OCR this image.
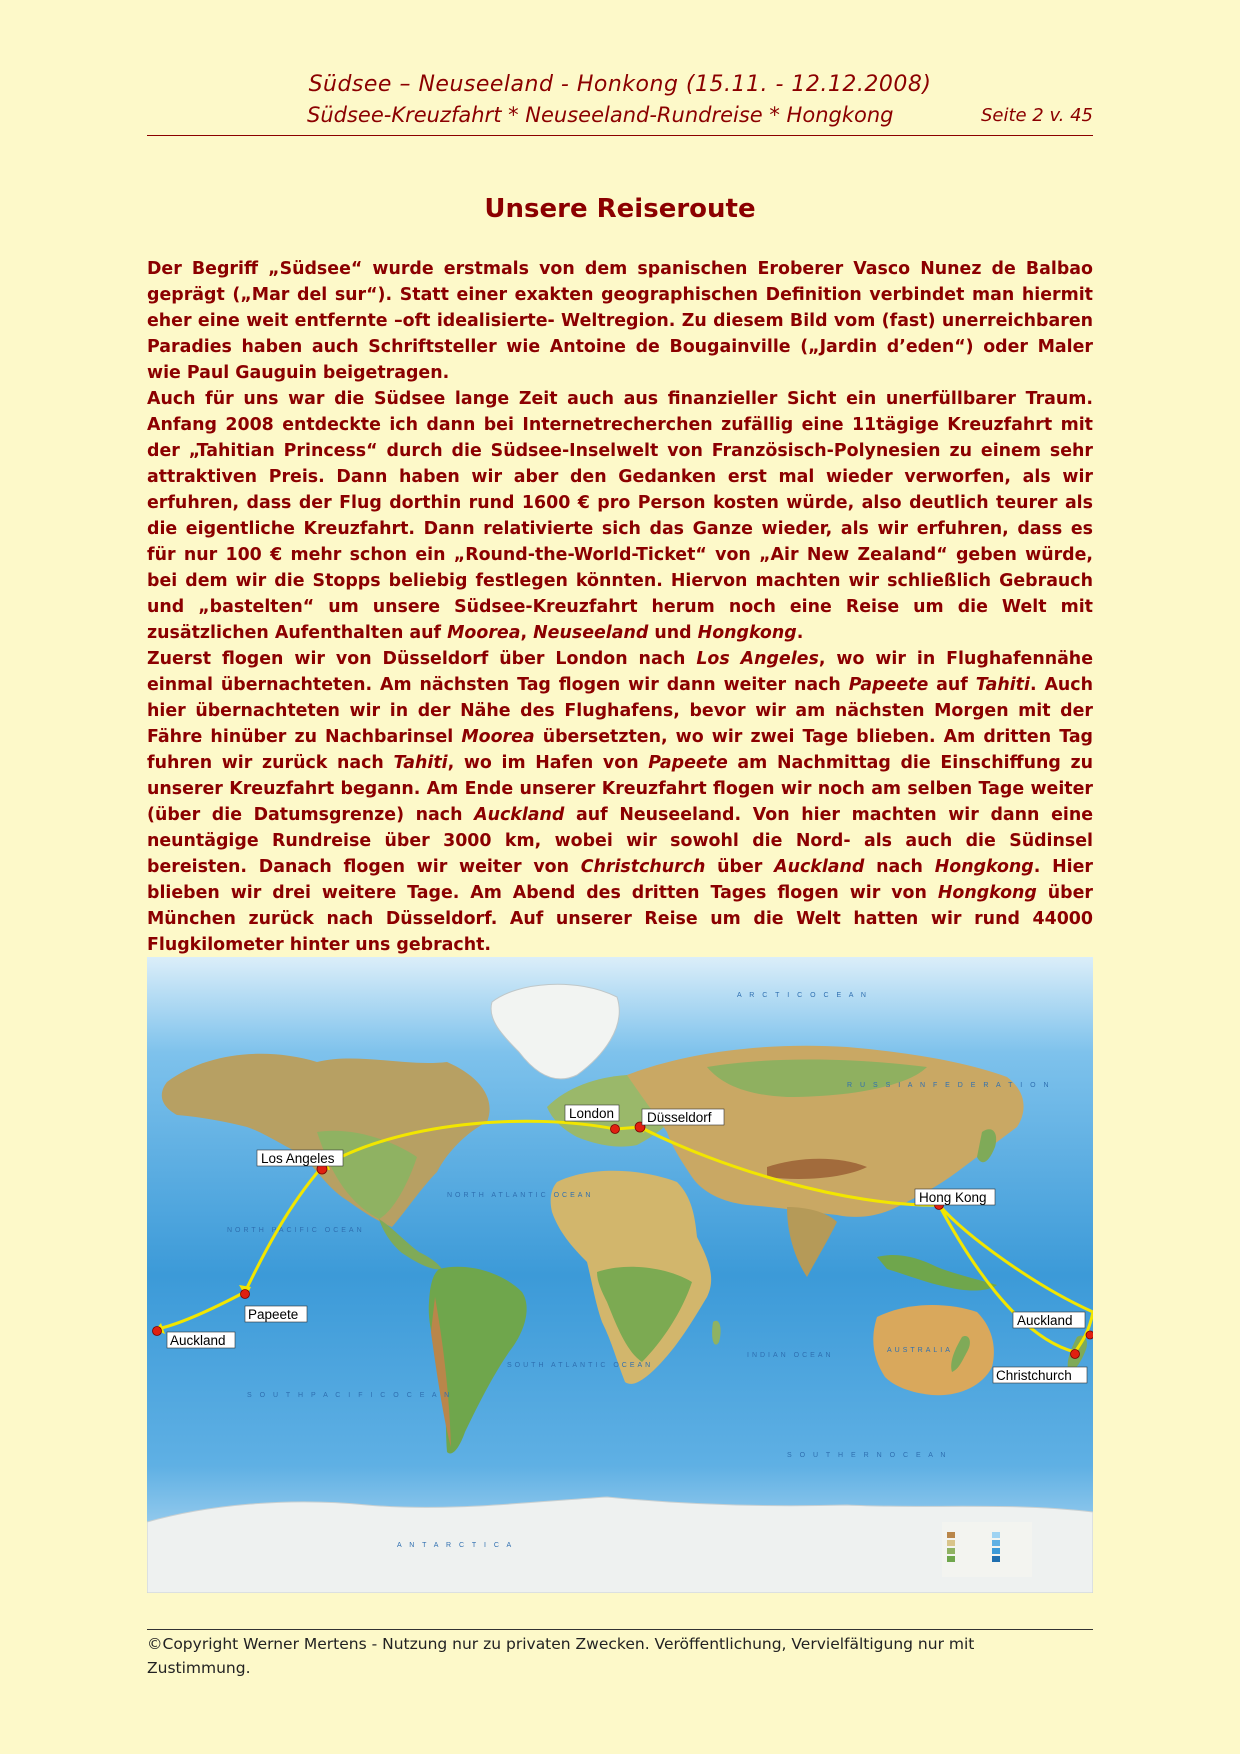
Südsee – Neuseeland - Honkong (15.11. - 12.12.2008)
Südsee-Kreuzfahrt * Neuseeland-Rundreise * Hongkong	Seite 2 v. 45
Unsere Reiseroute

Der Begriff „Südsee“ wurde erstmals von dem spanischen Eroberer Vasco Nunez de Balbao geprägt („Mar del sur“). Statt einer exakten geographischen Definition verbindet man hiermit eher eine weit entfernte –oft idealisierte- Weltregion. Zu diesem Bild vom (fast) unerreichbaren Paradies haben auch Schriftsteller wie Antoine de Bougainville („Jardin d’eden“) oder Maler wie Paul Gauguin beigetragen.

Auch für uns war die Südsee lange Zeit auch aus finanzieller Sicht ein unerfüllbarer Traum. Anfang 2008 entdeckte ich dann bei Internetrecherchen zufällig eine 11tägige Kreuzfahrt mit der „Tahitian Princess“ durch die Südsee-Inselwelt von Französisch-Polynesien zu einem sehr attraktiven Preis. Dann haben wir aber den Gedanken erst mal wieder verworfen, als wir erfuhren, dass der Flug dorthin rund 1600 € pro Person kosten würde, also deutlich teurer als die eigentliche Kreuzfahrt. Dann relativierte sich das Ganze wieder, als wir erfuhren, dass es für nur 100 € mehr schon ein „Round-the-World-Ticket“ von „Air New Zealand“ geben würde, bei dem wir die Stopps beliebig festlegen könnten. Hiervon machten wir schließlich Gebrauch und „bastelten“ um unsere Südsee-Kreuzfahrt herum noch eine Reise um die Welt mit zusätzlichen Aufenthalten auf Moorea, Neuseeland und Hongkong.

Zuerst flogen wir von Düsseldorf über London nach Los Angeles, wo wir in Flughafennähe einmal übernachteten. Am nächsten Tag flogen wir dann weiter nach Papeete auf Tahiti. Auch hier übernachteten wir in der Nähe des Flughafens, bevor wir am nächsten Morgen mit der Fähre hinüber zu Nachbarinsel Moorea übersetzten, wo wir zwei Tage blieben. Am dritten Tag fuhren wir zurück nach Tahiti, wo im Hafen von Papeete am Nachmittag die Einschiffung zu unserer Kreuzfahrt begann. Am Ende unserer Kreuzfahrt flogen wir noch am selben Tage weiter (über die Datumsgrenze) nach Auckland auf Neuseeland. Von hier machten wir dann eine neuntägige Rundreise über 3000 km, wobei wir sowohl die Nord- als auch die Südinsel bereisten. Danach flogen wir weiter von Christchurch über Auckland nach Hongkong. Hier blieben wir drei weitere Tage. Am Abend des dritten Tages flogen wir von Hongkong über München zurück nach Düsseldorf. Auf unserer Reise um die Welt hatten wir rund 44000 Flugkilometer hinter uns gebracht.

A R C T I C O C E A N
R U S S I A N F E D E R A T I O N
NORTH PACIFIC OCEAN
NORTH ATLANTIC OCEAN
SOUTH ATLANTIC OCEAN
INDIAN OCEAN
S O U T H P A C I F I C O C E A N
S O U T H E R N O C E A N
A N T A R C T I C A
AUSTRALIA
London Düsseldorf
Los Angeles
Hong Kong
Papeete
Auckland
Auckland
Christchurch
©Copyright Werner Mertens - Nutzung nur zu privaten Zwecken. Veröffentlichung, Vervielfältigung nur mit
Zustimmung.
